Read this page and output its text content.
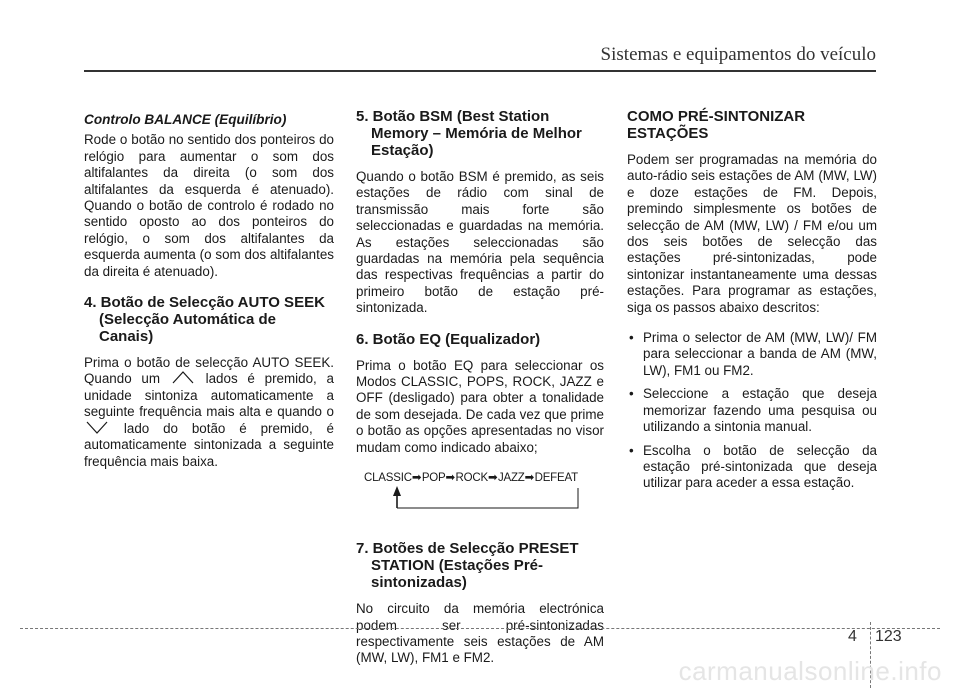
Sistemas e equipamentos do veículo
Controlo BALANCE (Equilíbrio)

Rode o botão no sentido dos ponteiros do relógio para aumentar o som dos altifalantes da direita (o som dos altifalantes da esquerda é atenuado). Quando o botão de controlo é rodado no sentido oposto ao dos ponteiros do relógio, o som dos altifalantes da esquerda aumenta (o som dos altifalantes da direita é atenuado).

4. Botão de Selecção AUTO SEEK (Selecção Automática de Canais)

Prima o botão de selecção AUTO SEEK. Quando um	lados é premido, a unidade sintoniza automaticamente a seguinte frequência mais alta e quando o  lado do botão é premido, é automaticamente sintonizada a seguinte frequência mais baixa.

5. Botão BSM (Best Station Memory – Memória de Melhor Estação)

Quando o botão BSM é premido, as seis estações de rádio com sinal de transmissão mais forte são seleccionadas e guardadas na memória. As estações seleccionadas são guardadas na memória pela sequência das respectivas frequências a partir do primeiro botão de estação pré-sintonizada.

6. Botão EQ (Equalizador)

Prima o botão EQ para seleccionar os Modos CLASSIC, POPS, ROCK, JAZZ e OFF (desligado) para obter a tonalidade de som desejada. De cada vez que prime o botão as opções apresentadas no visor mudam como indicado abaixo;

CLASSIC➡POP➡ROCK➡JAZZ➡DEFEAT
7. Botões de Selecção PRESET STATION (Estações Pré-sintonizadas)

No circuito da memória electrónica podem ser pré-sintonizadas respectivamente seis estações de AM (MW, LW), FM1 e FM2.

COMO PRÉ-SINTONIZAR ESTAÇÕES

Podem ser programadas na memória do auto-rádio seis estações de AM (MW, LW) e doze estações de FM. Depois, premindo simplesmente os botões de selecção de AM (MW, LW) / FM e/ou um dos seis botões de selecção das estações pré-sintonizadas, pode sintonizar instantaneamente uma dessas estações. Para programar as estações, siga os passos abaixo descritos:

• Prima o selector de AM (MW, LW)/ FM para seleccionar a banda de AM (MW, LW), FM1 ou FM2.
• Seleccione a estação que deseja memorizar fazendo uma pesquisa ou utilizando a sintonia manual.
• Escolha o botão de selecção da estação pré-sintonizada que deseja utilizar para aceder a essa estação.
4 123
carmanualsonline.info
